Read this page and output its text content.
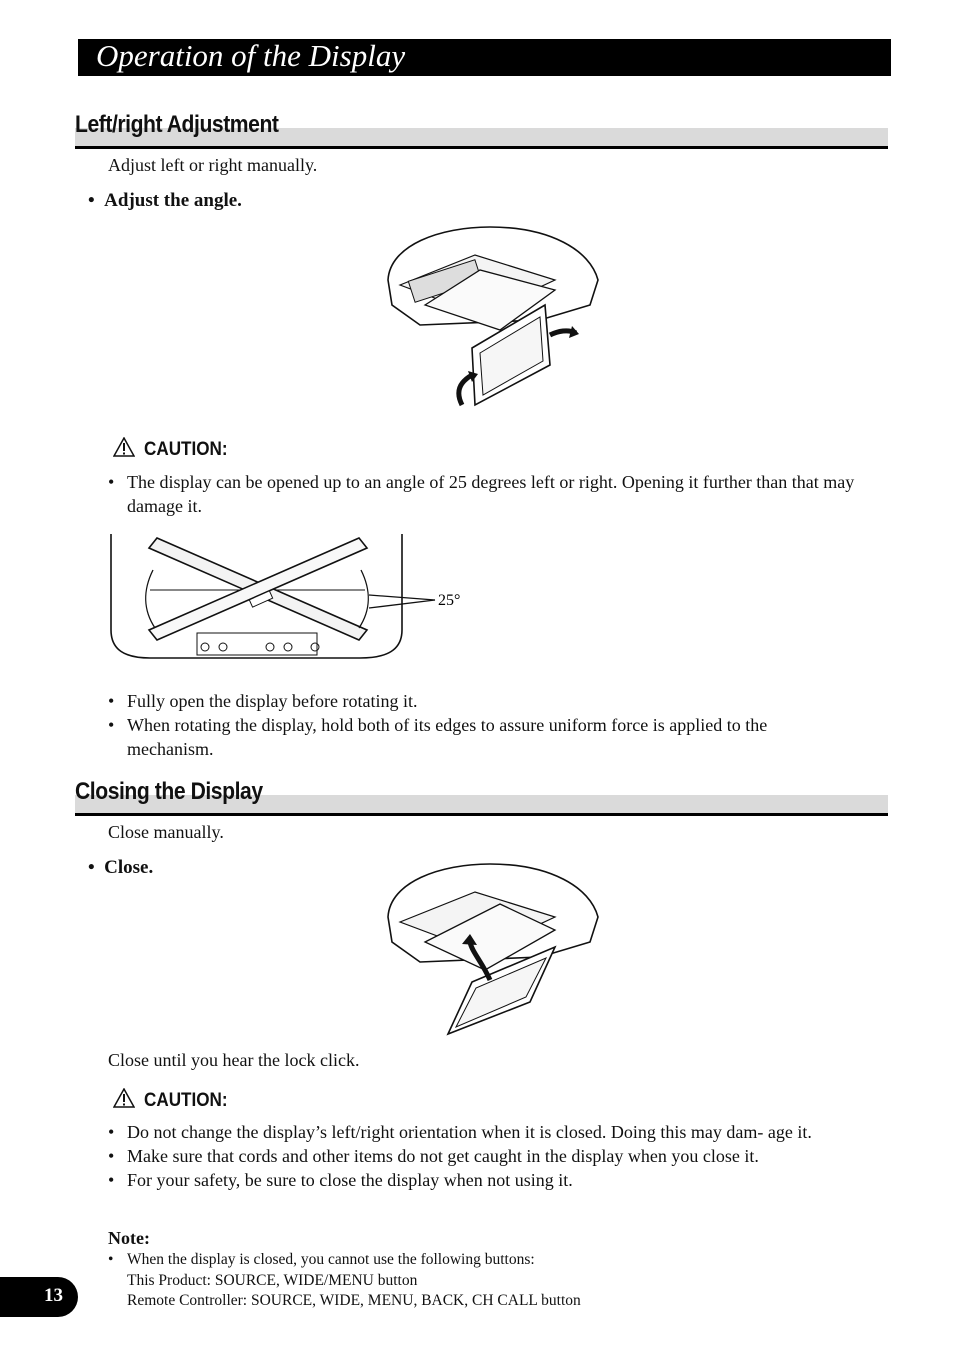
Operation of the Display
Left/right Adjustment
Adjust left or right manually.
•  Adjust the angle.
CAUTION:
• The display can be opened up to an angle of 25 degrees left or right. Opening it further than that may damage it.
25°
• Fully open the display before rotating it.
• When rotating the display, hold both of its edges to assure uniform force is applied to the mechanism.
Closing the Display
Close manually.
•  Close.
Close until you hear the lock click.
CAUTION:
• Do not change the display’s left/right orientation when it is closed. Doing this may dam- age it.
• Make sure that cords and other items do not get caught in the display when you close it.
• For your safety, be sure to close the display when not using it.
Note:
• When the display is closed, you cannot use the following buttons:
This Product: SOURCE, WIDE/MENU button
Remote Controller: SOURCE, WIDE, MENU, BACK, CH CALL button
13
